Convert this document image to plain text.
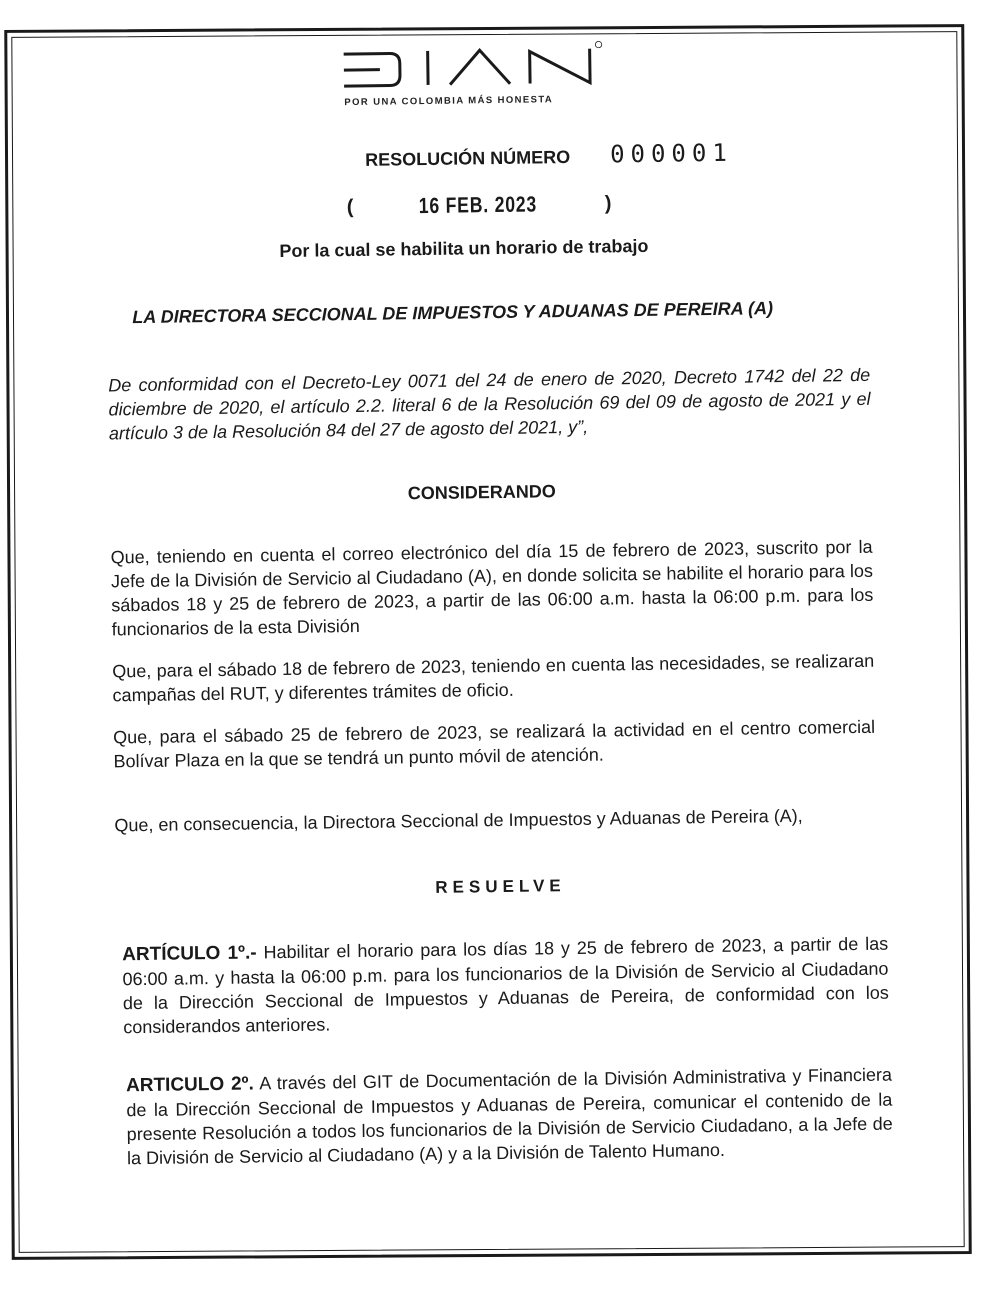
POR UNA COLOMBIA MÁS HONESTA
RESOLUCIÓN NÚMERO 000001
(	16 FEB. 2023	)
Por la cual se habilita un horario de trabajo
LA DIRECTORA SECCIONAL DE IMPUESTOS Y ADUANAS DE PEREIRA (A)

De conformidad con el Decreto-Ley 0071 del 24 de enero de 2020, Decreto 1742 del 22 de diciembre de 2020, el artículo 2.2. literal 6 de la Resolución 69 del 09 de agosto de 2021 y el artículo 3 de la Resolución 84 del 27 de agosto del 2021, y”,

CONSIDERANDO

Que, teniendo en cuenta el correo electrónico del día 15 de febrero de 2023, suscrito por la Jefe de la División de Servicio al Ciudadano (A), en donde solicita se habilite el horario para los sábados 18 y 25 de febrero de 2023, a partir de las 06:00 a.m. hasta la 06:00 p.m. para los funcionarios de la esta División

Que, para el sábado 18 de febrero de 2023, teniendo en cuenta las necesidades, se realizaran campañas del RUT, y diferentes trámites de oficio.

Que, para el sábado 25 de febrero de 2023, se realizará la actividad en el centro comercial Bolívar Plaza en la que se tendrá un punto móvil de atención.

Que, en consecuencia, la Directora Seccional de Impuestos y Aduanas de Pereira (A),

RESUELVE

ARTÍCULO 1º.- Habilitar el horario para los días 18 y 25 de febrero de 2023, a partir de las 06:00 a.m. y hasta la 06:00 p.m. para los funcionarios de la División de Servicio al Ciudadano de la Dirección Seccional de Impuestos y Aduanas de Pereira, de conformidad con los considerandos anteriores.

ARTICULO 2º. A través del GIT de Documentación de la División Administrativa y Financiera de la Dirección Seccional de Impuestos y Aduanas de Pereira, comunicar el contenido de la presente Resolución a todos los funcionarios de la División de Servicio Ciudadano, a la Jefe de la División de Servicio al Ciudadano (A) y a la División de Talento Humano.
